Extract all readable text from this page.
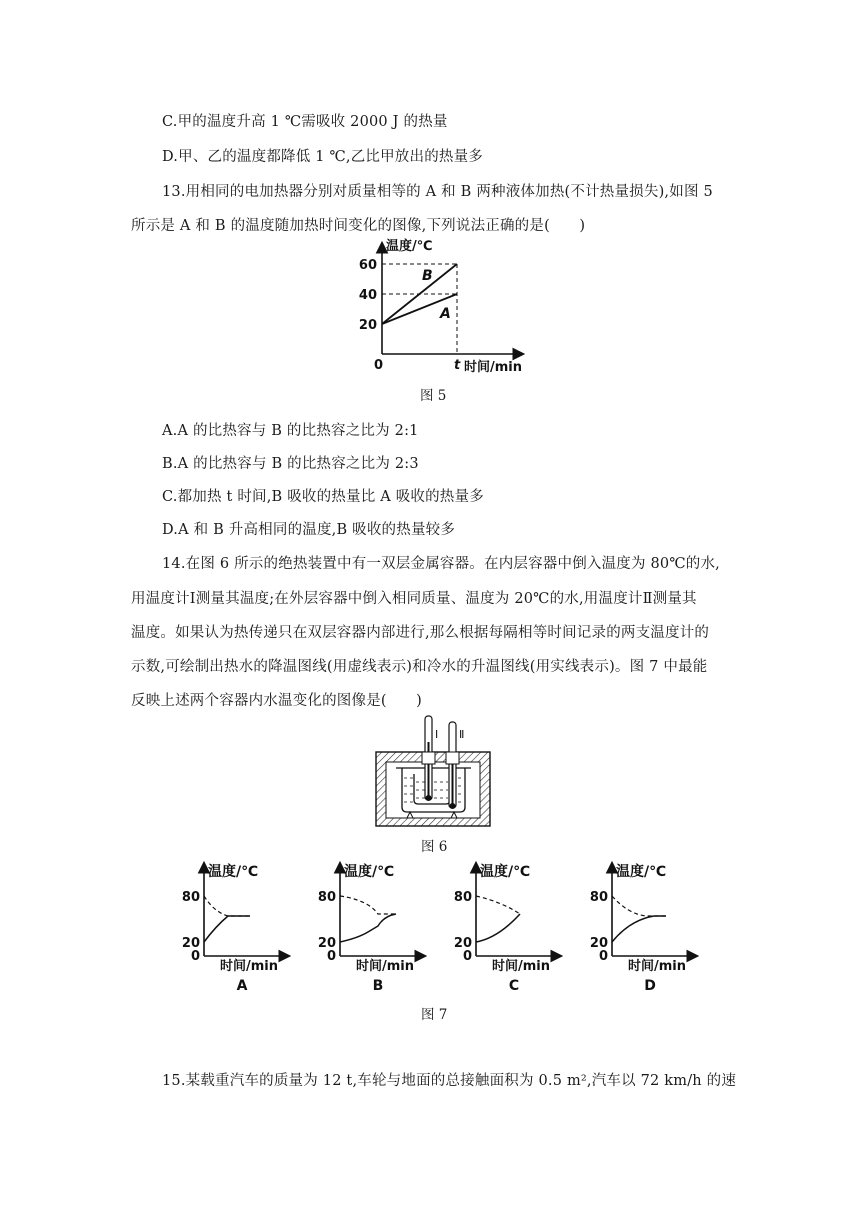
C.甲的温度升高 1 ℃需吸收 2000 J 的热量
D.甲、乙的温度都降低 1 ℃,乙比甲放出的热量多
13.用相同的电加热器分别对质量相等的 A 和 B 两种液体加热(不计热量损失),如图 5
所示是 A 和 B 的温度随加热时间变化的图像,下列说法正确的是(　　)
温度/℃
60
40
20
0	t 时间/min
B
A
图 5
A.A 的比热容与 B 的比热容之比为 2:1
B.A 的比热容与 B 的比热容之比为 2:3
C.都加热 t 时间,B 吸收的热量比 A 吸收的热量多
D.A 和 B 升高相同的温度,B 吸收的热量较多
14.在图 6 所示的绝热装置中有一双层金属容器。在内层容器中倒入温度为 80℃的水,
用温度计Ⅰ测量其温度;在外层容器中倒入相同质量、温度为 20℃的水,用温度计Ⅱ测量其
温度。如果认为热传递只在双层容器内部进行,那么根据每隔相等时间记录的两支温度计的
示数,可绘制出热水的降温图线(用虚线表示)和冷水的升温图线(用实线表示)。图 7 中最能
反映上述两个容器内水温变化的图像是(　　)
Ⅰ Ⅱ
图 6
温度/℃
80
20
0
时间/min
A
温度/℃
80
20
0
时间/min
B
温度/℃
80
20
0
时间/min
C
温度/℃
80
20
0
时间/min
D
图 7
15.某载重汽车的质量为 12 t,车轮与地面的总接触面积为 0.5 m²,汽车以 72 km/h 的速
